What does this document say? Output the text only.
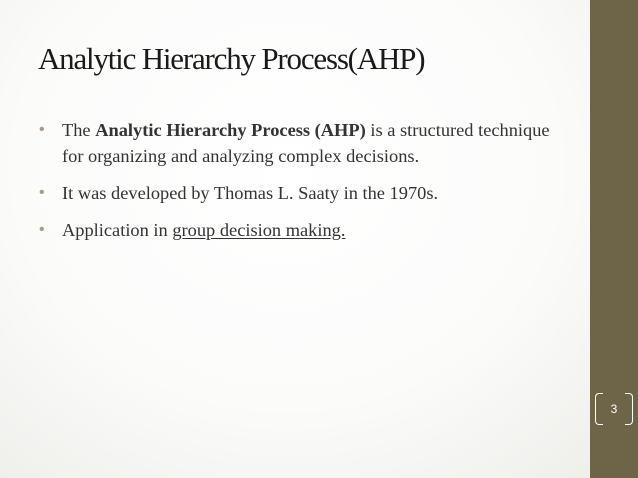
Analytic Hierarchy Process(AHP)
• The Analytic Hierarchy Process (AHP) is a structured technique for organizing and analyzing complex decisions.
• It was developed by Thomas L. Saaty in the 1970s.
• Application in group decision making.
3
